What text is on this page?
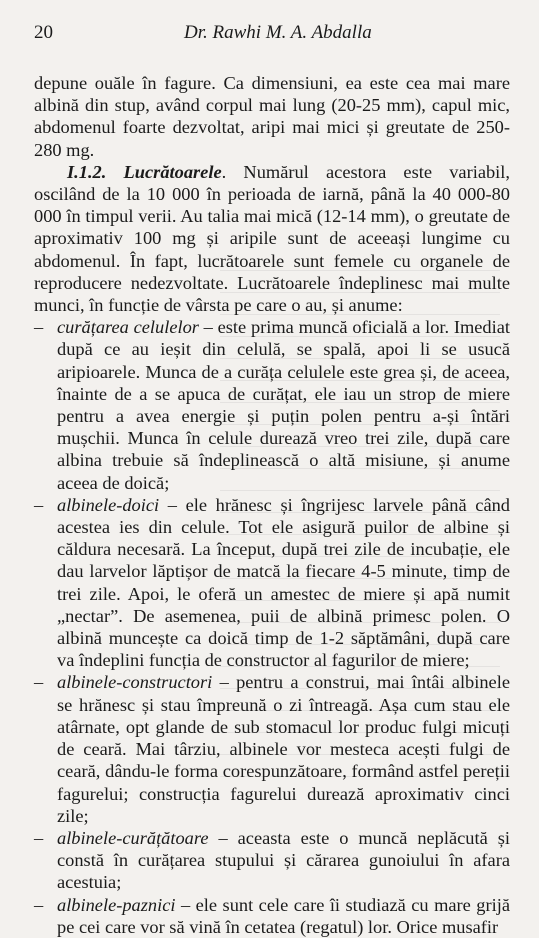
20	Dr. Rawhi M. A. Abdalla

depune ouăle în fagure. Ca dimensiuni, ea este cea mai mare albină din stup, având corpul mai lung (20-25 mm), capul mic, abdomenul foarte dezvoltat, aripi mai mici și greutate de 250-280 mg.

I.1.2. Lucrătoarele. Numărul acestora este variabil, oscilând de la 10 000 în perioada de iarnă, până la 40 000-80 000 în timpul verii. Au talia mai mică (12-14 mm), o greutate de aproximativ 100 mg și aripile sunt de aceeași lungime cu abdomenul. În fapt, lucrătoarele sunt femele cu organele de reproducere nedezvoltate. Lucrătoarele îndeplinesc mai multe munci, în funcție de vârsta pe care o au, și anume:

– curățarea celulelor – este prima muncă oficială a lor. Imediat după ce au ieșit din celulă, se spală, apoi li se usucă aripioarele. Munca de a curăța celulele este grea și, de aceea, înainte de a se apuca de curățat, ele iau un strop de miere pentru a avea energie și puțin polen pentru a-și întări mușchii. Munca în celule durează vreo trei zile, după care albina trebuie să îndeplinească o altă misiune, și anume aceea de doică;

– albinele-doici – ele hrănesc și îngrijesc larvele până când acestea ies din celule. Tot ele asigură puilor de albine și căldura necesară. La început, după trei zile de incubație, ele dau larvelor lăptișor de matcă la fiecare 4-5 minute, timp de trei zile. Apoi, le oferă un amestec de miere și apă numit „nectar”. De asemenea, puii de albină primesc polen. O albină muncește ca doică timp de 1-2 săptămâni, după care va îndeplini funcția de constructor al fagurilor de miere;

– albinele-constructori – pentru a construi, mai întâi albinele se hrănesc și stau împreună o zi întreagă. Așa cum stau ele atârnate, opt glande de sub stomacul lor produc fulgi micuți de ceară. Mai târziu, albinele vor mesteca acești fulgi de ceară, dându-le forma corespunzătoare, formând astfel pereții fagurelui; construcția fagurelui durează aproximativ cinci zile;

– albinele-curățătoare – aceasta este o muncă neplăcută și constă în curățarea stupului și cărarea gunoiului în afara acestuia;

– albinele-paznici – ele sunt cele care îi studiază cu mare grijă pe cei care vor să vină în cetatea (regatul) lor. Orice musafir
